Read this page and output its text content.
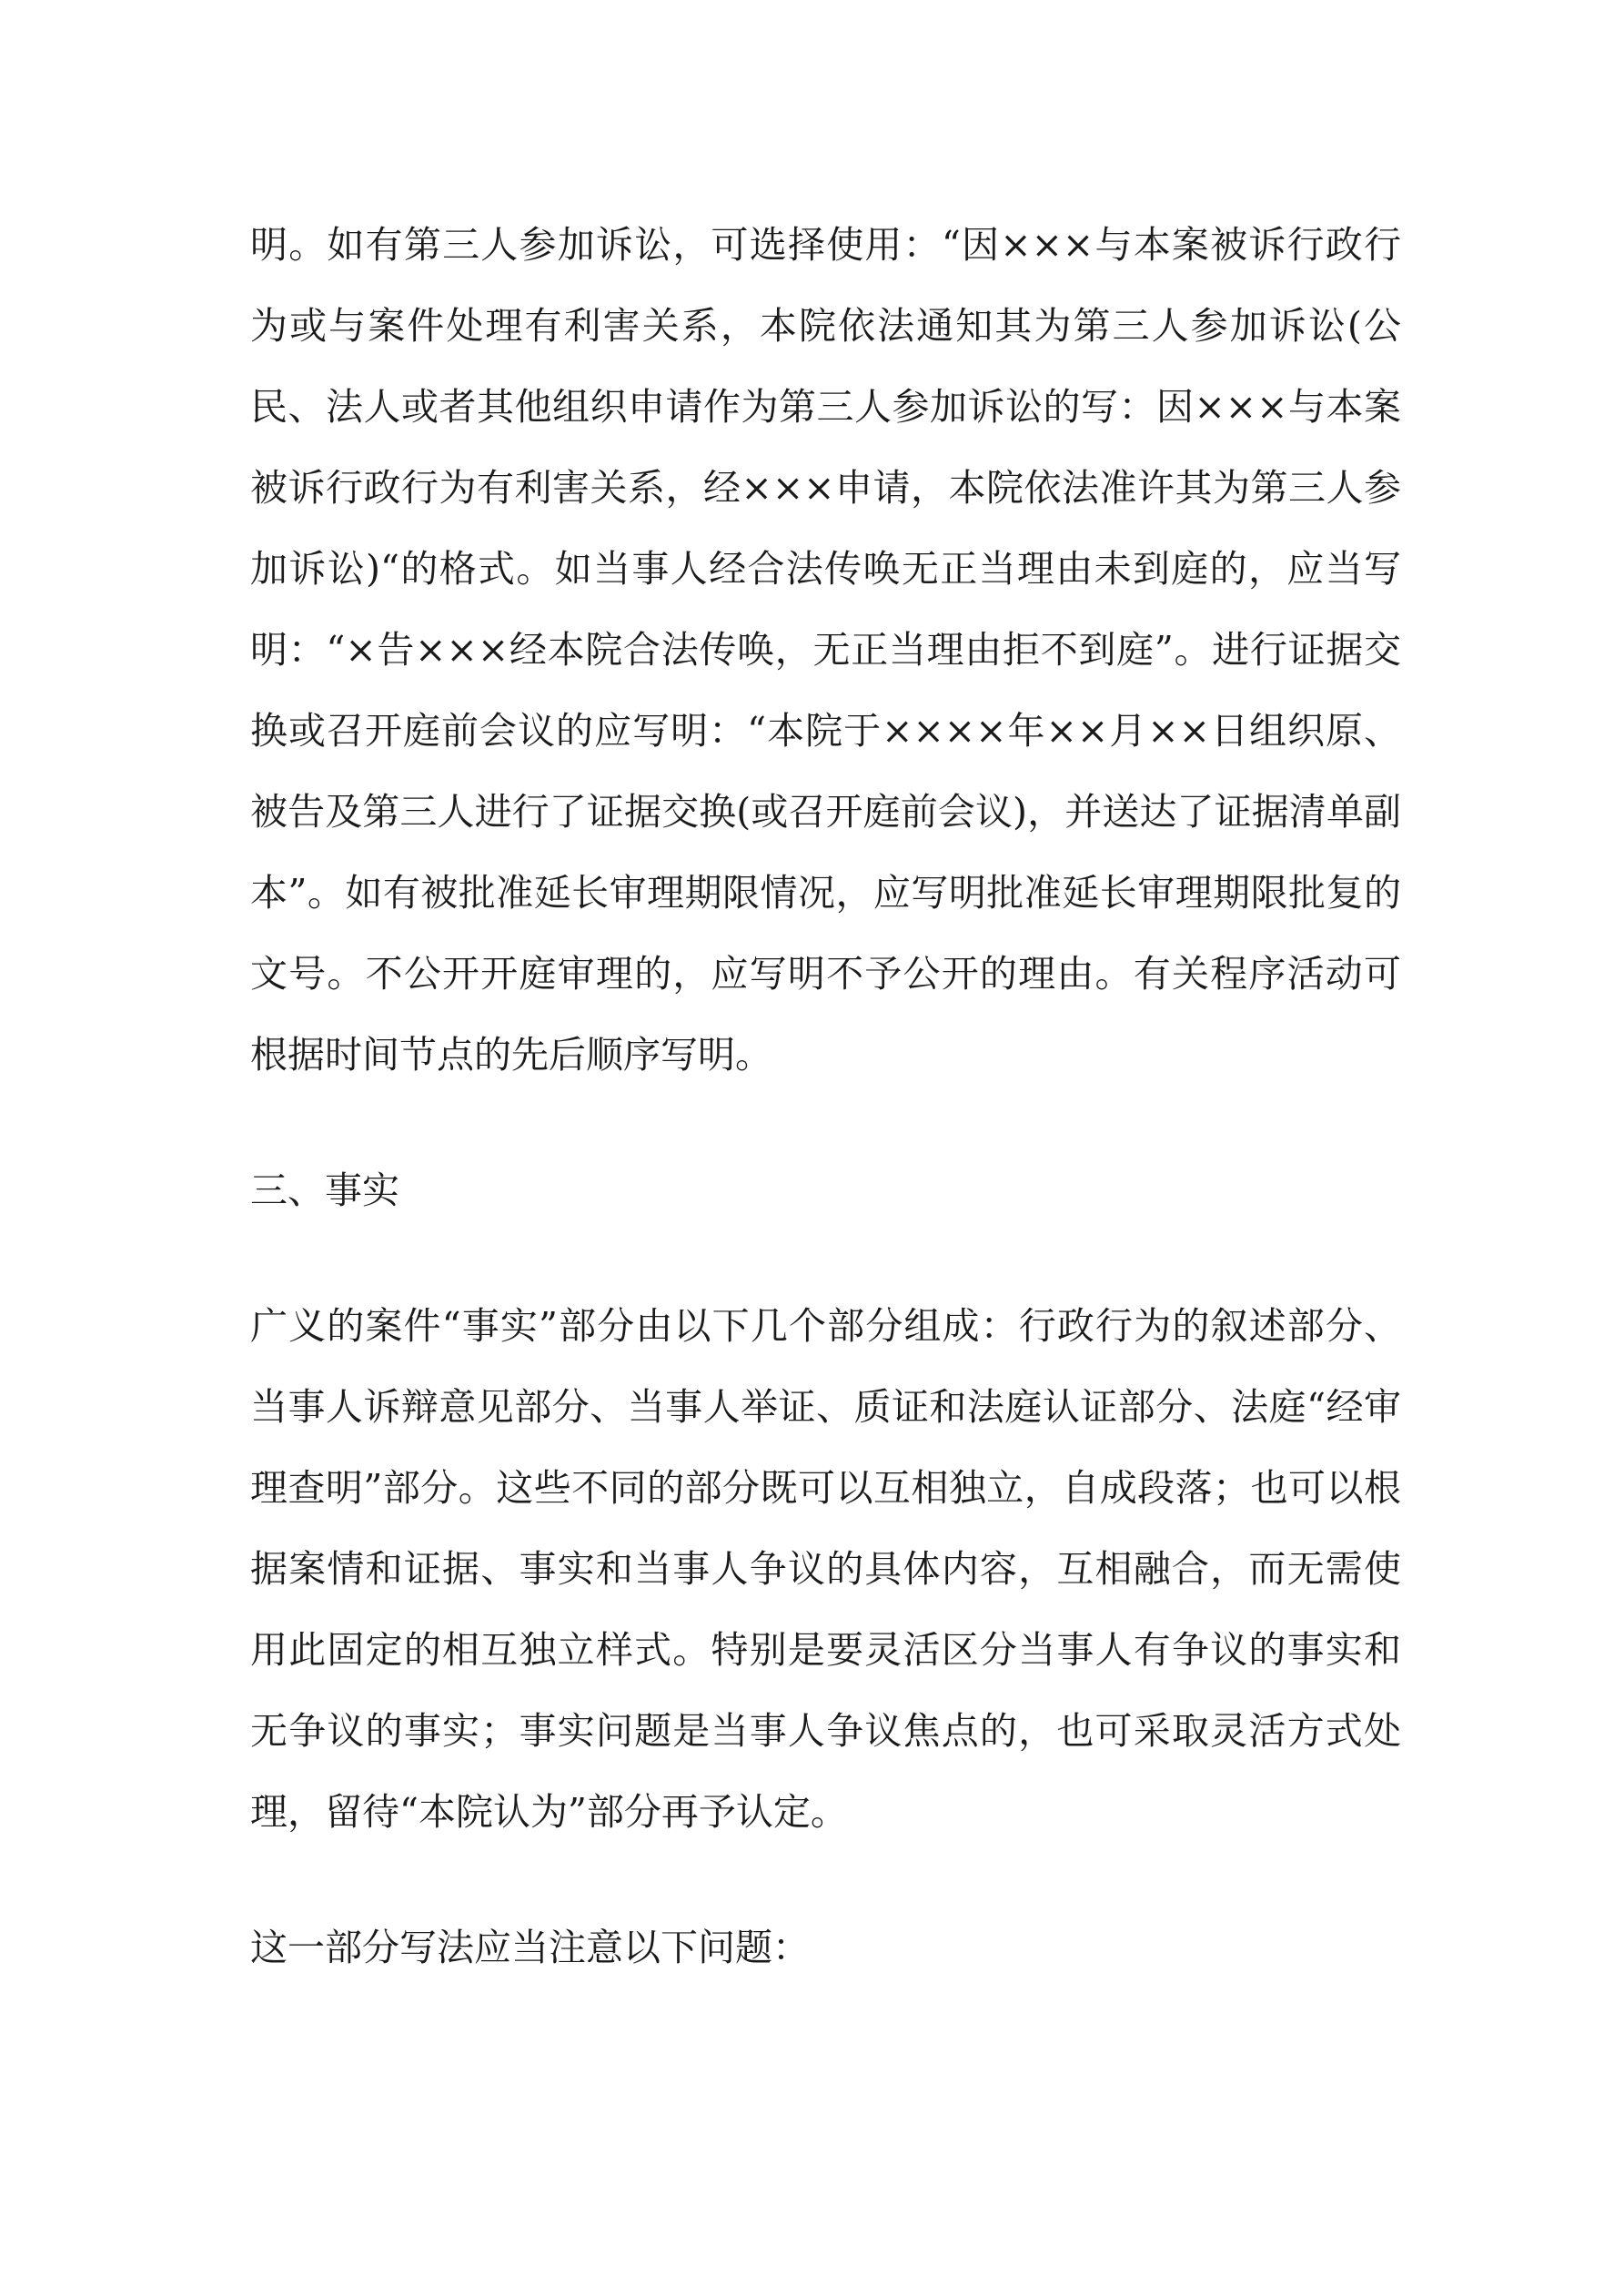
明。如有第三人参加诉讼，可选择使用：“因×××与本案被诉行政行为或与案件处理有利害关系，本院依法通知其为第三人参加诉讼(公民、法人或者其他组织申请作为第三人参加诉讼的写：因×××与本案被诉行政行为有利害关系，经×××申请，本院依法准许其为第三人参加诉讼)“的格式。如当事人经合法传唤无正当理由未到庭的，应当写明：“×告×××经本院合法传唤，无正当理由拒不到庭”。进行证据交换或召开庭前会议的应写明：“本院于××××年××月××日组织原、被告及第三人进行了证据交换(或召开庭前会议)，并送达了证据清单副本”。如有被批准延长审理期限情况，应写明批准延长审理期限批复的文号。不公开开庭审理的，应写明不予公开的理由。有关程序活动可根据时间节点的先后顺序写明。

三、事实

广义的案件“事实”部分由以下几个部分组成：行政行为的叙述部分、当事人诉辩意见部分、当事人举证、质证和法庭认证部分、法庭“经审理查明”部分。这些不同的部分既可以互相独立，自成段落；也可以根据案情和证据、事实和当事人争议的具体内容，互相融合，而无需使用此固定的相互独立样式。特别是要灵活区分当事人有争议的事实和无争议的事实；事实问题是当事人争议焦点的，也可采取灵活方式处理，留待“本院认为”部分再予认定。

这一部分写法应当注意以下问题：
